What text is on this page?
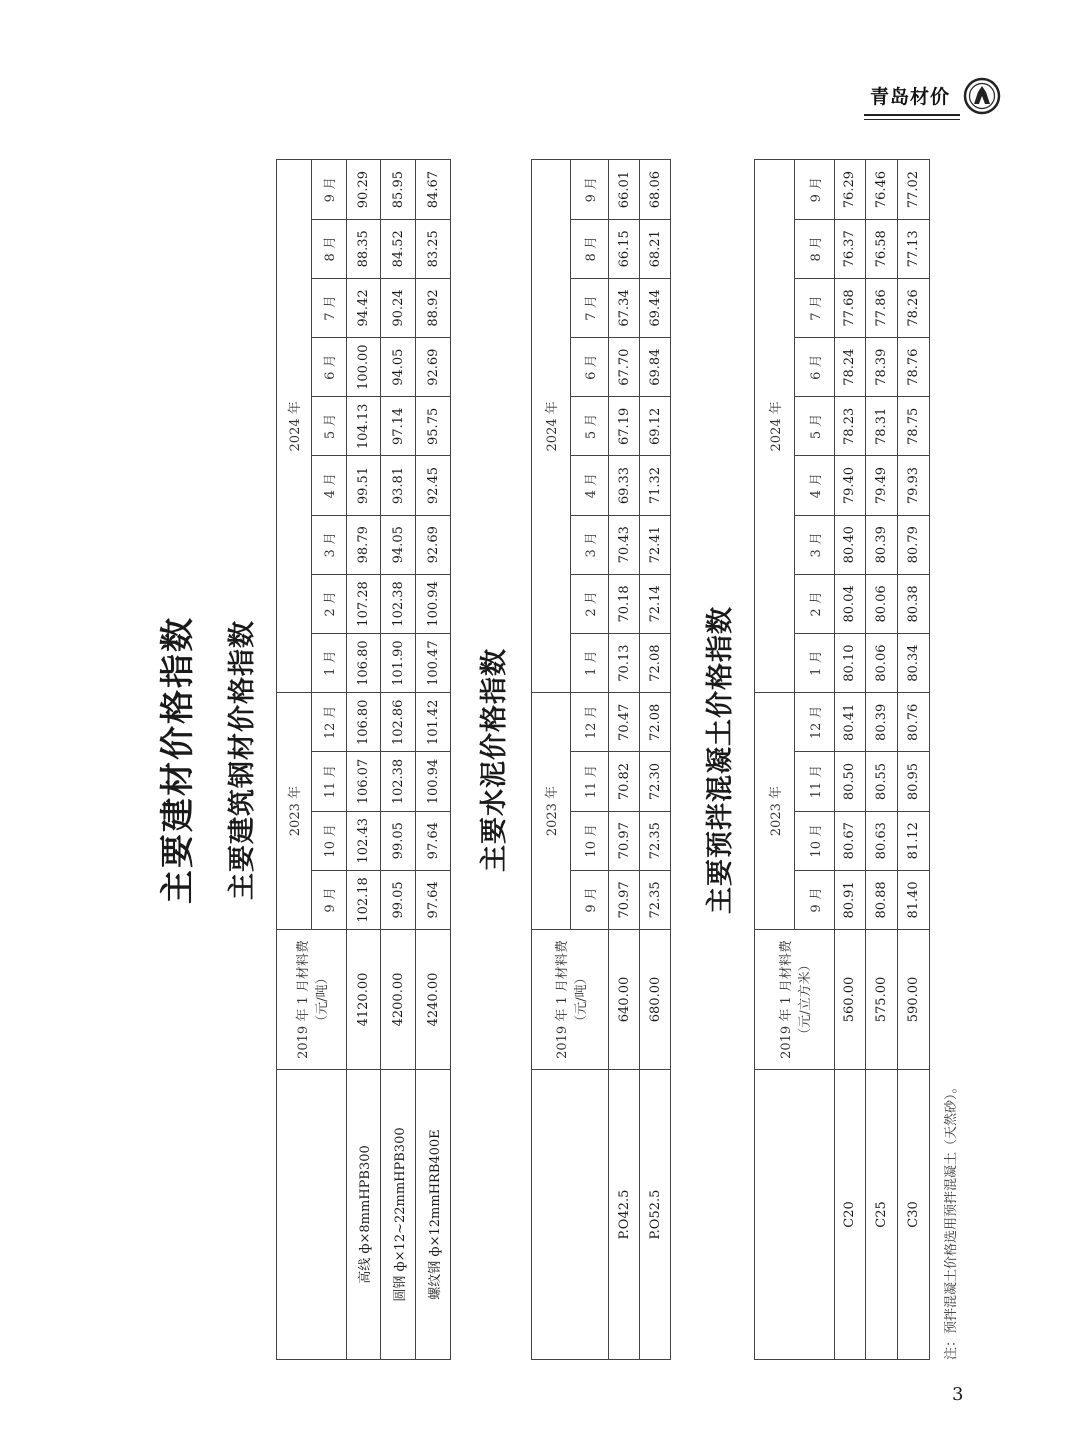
青岛材价
主要建材价格指数 主要建筑钢材价格指数

	2019 年 1 月材料费 （元/吨）	2023 年				2024 年								
		9 月	10 月	11 月	12 月	1 月	2 月	3 月	4 月	5 月	6 月	7 月	8 月	9 月
高线 ф×8mmHPB300	4120.00	102.18	102.43	106.07	106.80	106.80	107.28	98.79	99.51	104.13	100.00	94.42	88.35	90.29
圆钢 ф×12~22mmHPB300	4200.00	99.05	99.05	102.38	102.86	101.90	102.38	94.05	93.81	97.14	94.05	90.24	84.52	85.95
螺纹钢 ф×12mmHRB400E	4240.00	97.64	97.64	100.94	101.42	100.47	100.94	92.69	92.45	95.75	92.69	88.92	83.25	84.67
主要水泥价格指数

	2019 年 1 月材料费 （元/吨）	2023 年				2024 年								
		9 月	10 月	11 月	12 月	1 月	2 月	3 月	4 月	5 月	6 月	7 月	8 月	9 月
P.O42.5	640.00	70.97	70.97	70.82	70.47	70.13	70.18	70.43	69.33	67.19	67.70	67.34	66.15	66.01
P.O52.5	680.00	72.35	72.35	72.30	72.08	72.08	72.14	72.41	71.32	69.12	69.84	69.44	68.21	68.06
主要预拌混凝土价格指数

	2019 年 1 月材料费 （元/立方米）	2023 年				2024 年								
		9 月	10 月	11 月	12 月	1 月	2 月	3 月	4 月	5 月	6 月	7 月	8 月	9 月
C20	560.00	80.91	80.67	80.50	80.41	80.10	80.04	80.40	79.40	78.23	78.24	77.68	76.37	76.29
C25	575.00	80.88	80.63	80.55	80.39	80.06	80.06	80.39	79.49	78.31	78.39	77.86	76.58	76.46
C30	590.00	81.40	81.12	80.95	80.76	80.34	80.38	80.79	79.93	78.75	78.76	78.26	77.13	77.02
注：预拌混凝土价格选用预拌混凝土（天然砂）。
3
